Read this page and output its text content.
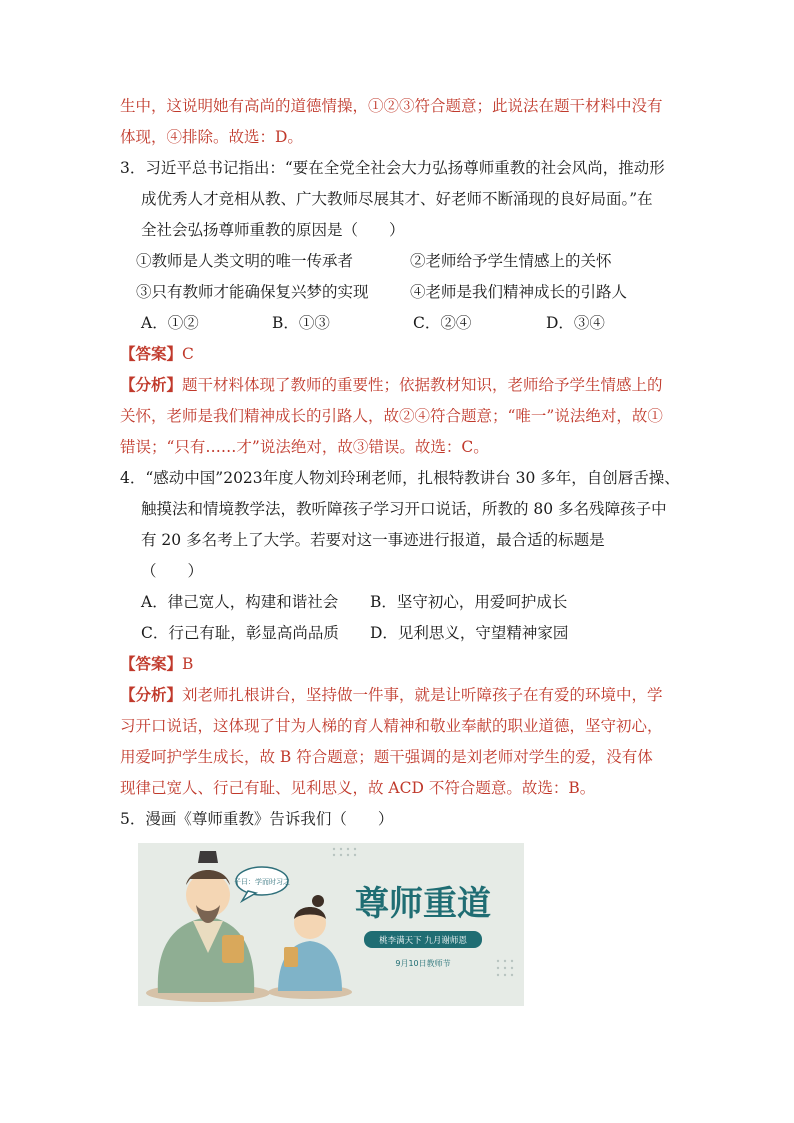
生中，这说明她有高尚的道德情操，①②③符合题意；此说法在题干材料中没有
体现，④排除。故选：D。
3．习近平总书记指出：“要在全党全社会大力弘扬尊师重教的社会风尚，推动形
成优秀人才竞相从教、广大教师尽展其才、好老师不断涌现的良好局面。”在
全社会弘扬尊师重教的原因是（　　）
①教师是人类文明的唯一传承者	②老师给予学生情感上的关怀
③只有教师才能确保复兴梦的实现	④老师是我们精神成长的引路人
A．①②	B．①③	C．②④	D．③④
【答案】C
【分析】题干材料体现了教师的重要性；依据教材知识，老师给予学生情感上的
关怀，老师是我们精神成长的引路人，故②④符合题意；“唯一”说法绝对，故①
错误；“只有……才”说法绝对，故③错误。故选：C。
4．“感动中国”2023年度人物刘玲琍老师，扎根特教讲台 30 多年，自创唇舌操、
触摸法和情境教学法，教听障孩子学习开口说话，所教的 80 多名残障孩子中
有 20 多名考上了大学。若要对这一事迹进行报道，最合适的标题是
（　　）
A．律己宽人，构建和谐社会 B．坚守初心，用爱呵护成长
C．行己有耻，彰显高尚品质 D．见利思义，守望精神家园
【答案】B
【分析】刘老师扎根讲台，坚持做一件事，就是让听障孩子在有爱的环境中，学
习开口说话，这体现了甘为人梯的育人精神和敬业奉献的职业道德，坚守初心，
用爱呵护学生成长，故 B 符合题意；题干强调的是刘老师对学生的爱，没有体
现律己宽人、行己有耻、见利思义，故 ACD 不符合题意。故选：B。
5．漫画《尊师重教》告诉我们（　　）
子曰：学而时习之
尊师重道
桃李满天下 九月谢师恩
9月10日教师节
